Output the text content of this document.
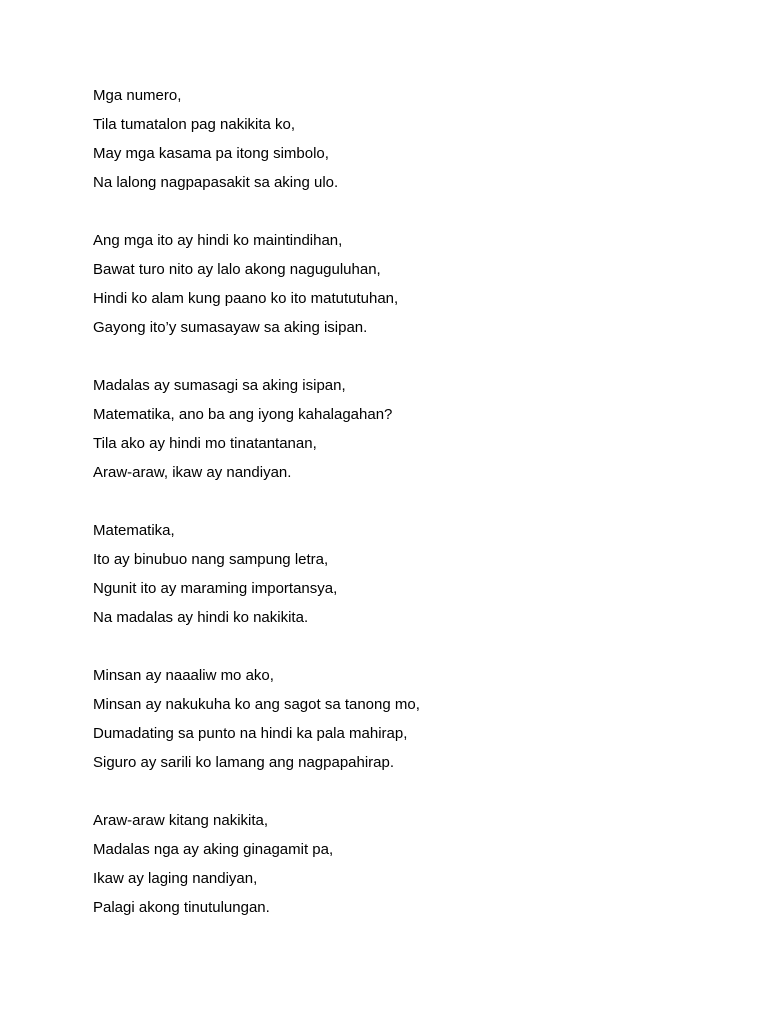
Mga numero,
Tila tumatalon pag nakikita ko,
May mga kasama pa itong simbolo,
Na lalong nagpapasakit sa aking ulo.
Ang mga ito ay hindi ko maintindihan,
Bawat turo nito ay lalo akong naguguluhan,
Hindi ko alam kung paano ko ito matututuhan,
Gayong ito’y sumasayaw sa aking isipan.
Madalas ay sumasagi sa aking isipan,
Matematika, ano ba ang iyong kahalagahan?
Tila ako ay hindi mo tinatantanan,
Araw-araw, ikaw ay nandiyan.
Matematika,
Ito ay binubuo nang sampung letra,
Ngunit ito ay maraming importansya,
Na madalas ay hindi ko nakikita.
Minsan ay naaaliw mo ako,
Minsan ay nakukuha ko ang sagot sa tanong mo,
Dumadating sa punto na hindi ka pala mahirap,
Siguro ay sarili ko lamang ang nagpapahirap.
Araw-araw kitang nakikita,
Madalas nga ay aking ginagamit pa,
Ikaw ay laging nandiyan,
Palagi akong tinutulungan.
